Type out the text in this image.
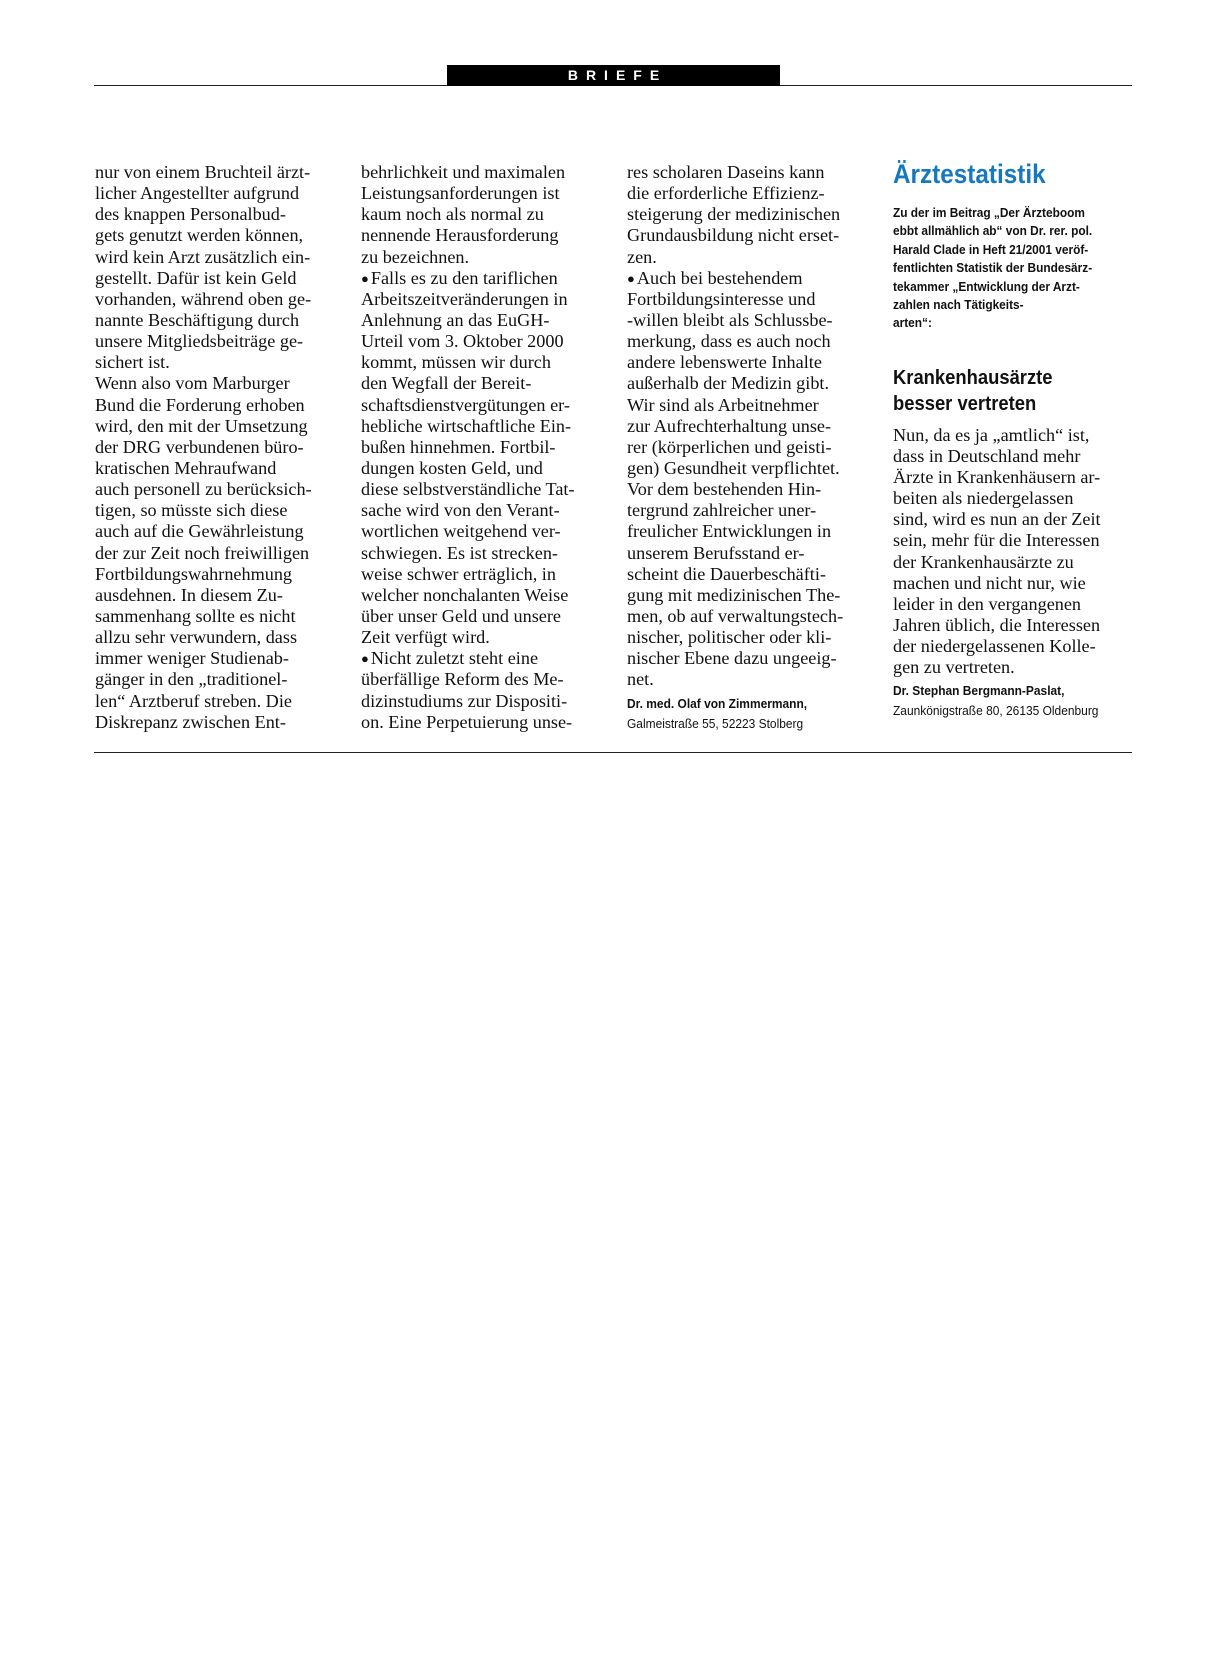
BRIEFE
nur von einem Bruchteil ärzt-
licher Angestellter aufgrund
des knappen Personalbud-
gets genutzt werden können,
wird kein Arzt zusätzlich ein-
gestellt. Dafür ist kein Geld
vorhanden, während oben ge-
nannte Beschäftigung durch
unsere Mitgliedsbeiträge ge-
sichert ist.
Wenn also vom Marburger
Bund die Forderung erhoben
wird, den mit der Umsetzung
der DRG verbundenen büro-
kratischen Mehraufwand
auch personell zu berücksich-
tigen, so müsste sich diese
auch auf die Gewährleistung
der zur Zeit noch freiwilligen
Fortbildungswahrnehmung
ausdehnen. In diesem Zu-
sammenhang sollte es nicht
allzu sehr verwundern, dass
immer weniger Studienab-
gänger in den „traditionel-
len“ Arztberuf streben. Die
Diskrepanz zwischen Ent-
behrlichkeit und maximalen
Leistungsanforderungen ist
kaum noch als normal zu
nennende Herausforderung
zu bezeichnen.
● Falls es zu den tariflichen
Arbeitszeitveränderungen in
Anlehnung an das EuGH-
Urteil vom 3. Oktober 2000
kommt, müssen wir durch
den Wegfall der Bereit-
schaftsdienstvergütungen er-
hebliche wirtschaftliche Ein-
bußen hinnehmen. Fortbil-
dungen kosten Geld, und
diese selbstverständliche Tat-
sache wird von den Verant-
wortlichen weitgehend ver-
schwiegen. Es ist strecken-
weise schwer erträglich, in
welcher nonchalanten Weise
über unser Geld und unsere
Zeit verfügt wird.
● Nicht zuletzt steht eine
überfällige Reform des Me-
dizinstudiums zur Dispositi-
on. Eine Perpetuierung unse-
res scholaren Daseins kann
die erforderliche Effizienz-
steigerung der medizinischen
Grundausbildung nicht erset-
zen.
● Auch bei bestehendem
Fortbildungsinteresse und
-willen bleibt als Schlussbe-
merkung, dass es auch noch
andere lebenswerte Inhalte
außerhalb der Medizin gibt.
Wir sind als Arbeitnehmer
zur Aufrechterhaltung unse-
rer (körperlichen und geisti-
gen) Gesundheit verpflichtet.
Vor dem bestehenden Hin-
tergrund zahlreicher uner-
freulicher Entwicklungen in
unserem Berufsstand er-
scheint die Dauerbeschäfti-
gung mit medizinischen The-
men, ob auf verwaltungstech-
nischer, politischer oder kli-
nischer Ebene dazu ungeeig-
net.
Dr. med. Olaf von Zimmermann,
Galmeistraße 55, 52223 Stolberg
Ärztestatistik
Zu der im Beitrag „Der Ärzteboom
ebbt allmählich ab“ von Dr. rer. pol.
Harald Clade in Heft 21/2001 veröf-
fentlichten Statistik der Bundesärz-
tekammer „Entwicklung der Arzt-
zahlen nach Tätigkeits-
arten“:
Krankenhausärzte
besser vertreten
Nun, da es ja „amtlich“ ist,
dass in Deutschland mehr
Ärzte in Krankenhäusern ar-
beiten als niedergelassen
sind, wird es nun an der Zeit
sein, mehr für die Interessen
der Krankenhausärzte zu
machen und nicht nur, wie
leider in den vergangenen
Jahren üblich, die Interessen
der niedergelassenen Kolle-
gen zu vertreten.
Dr. Stephan Bergmann-Paslat,
Zaunkönigstraße 80, 26135 Oldenburg
